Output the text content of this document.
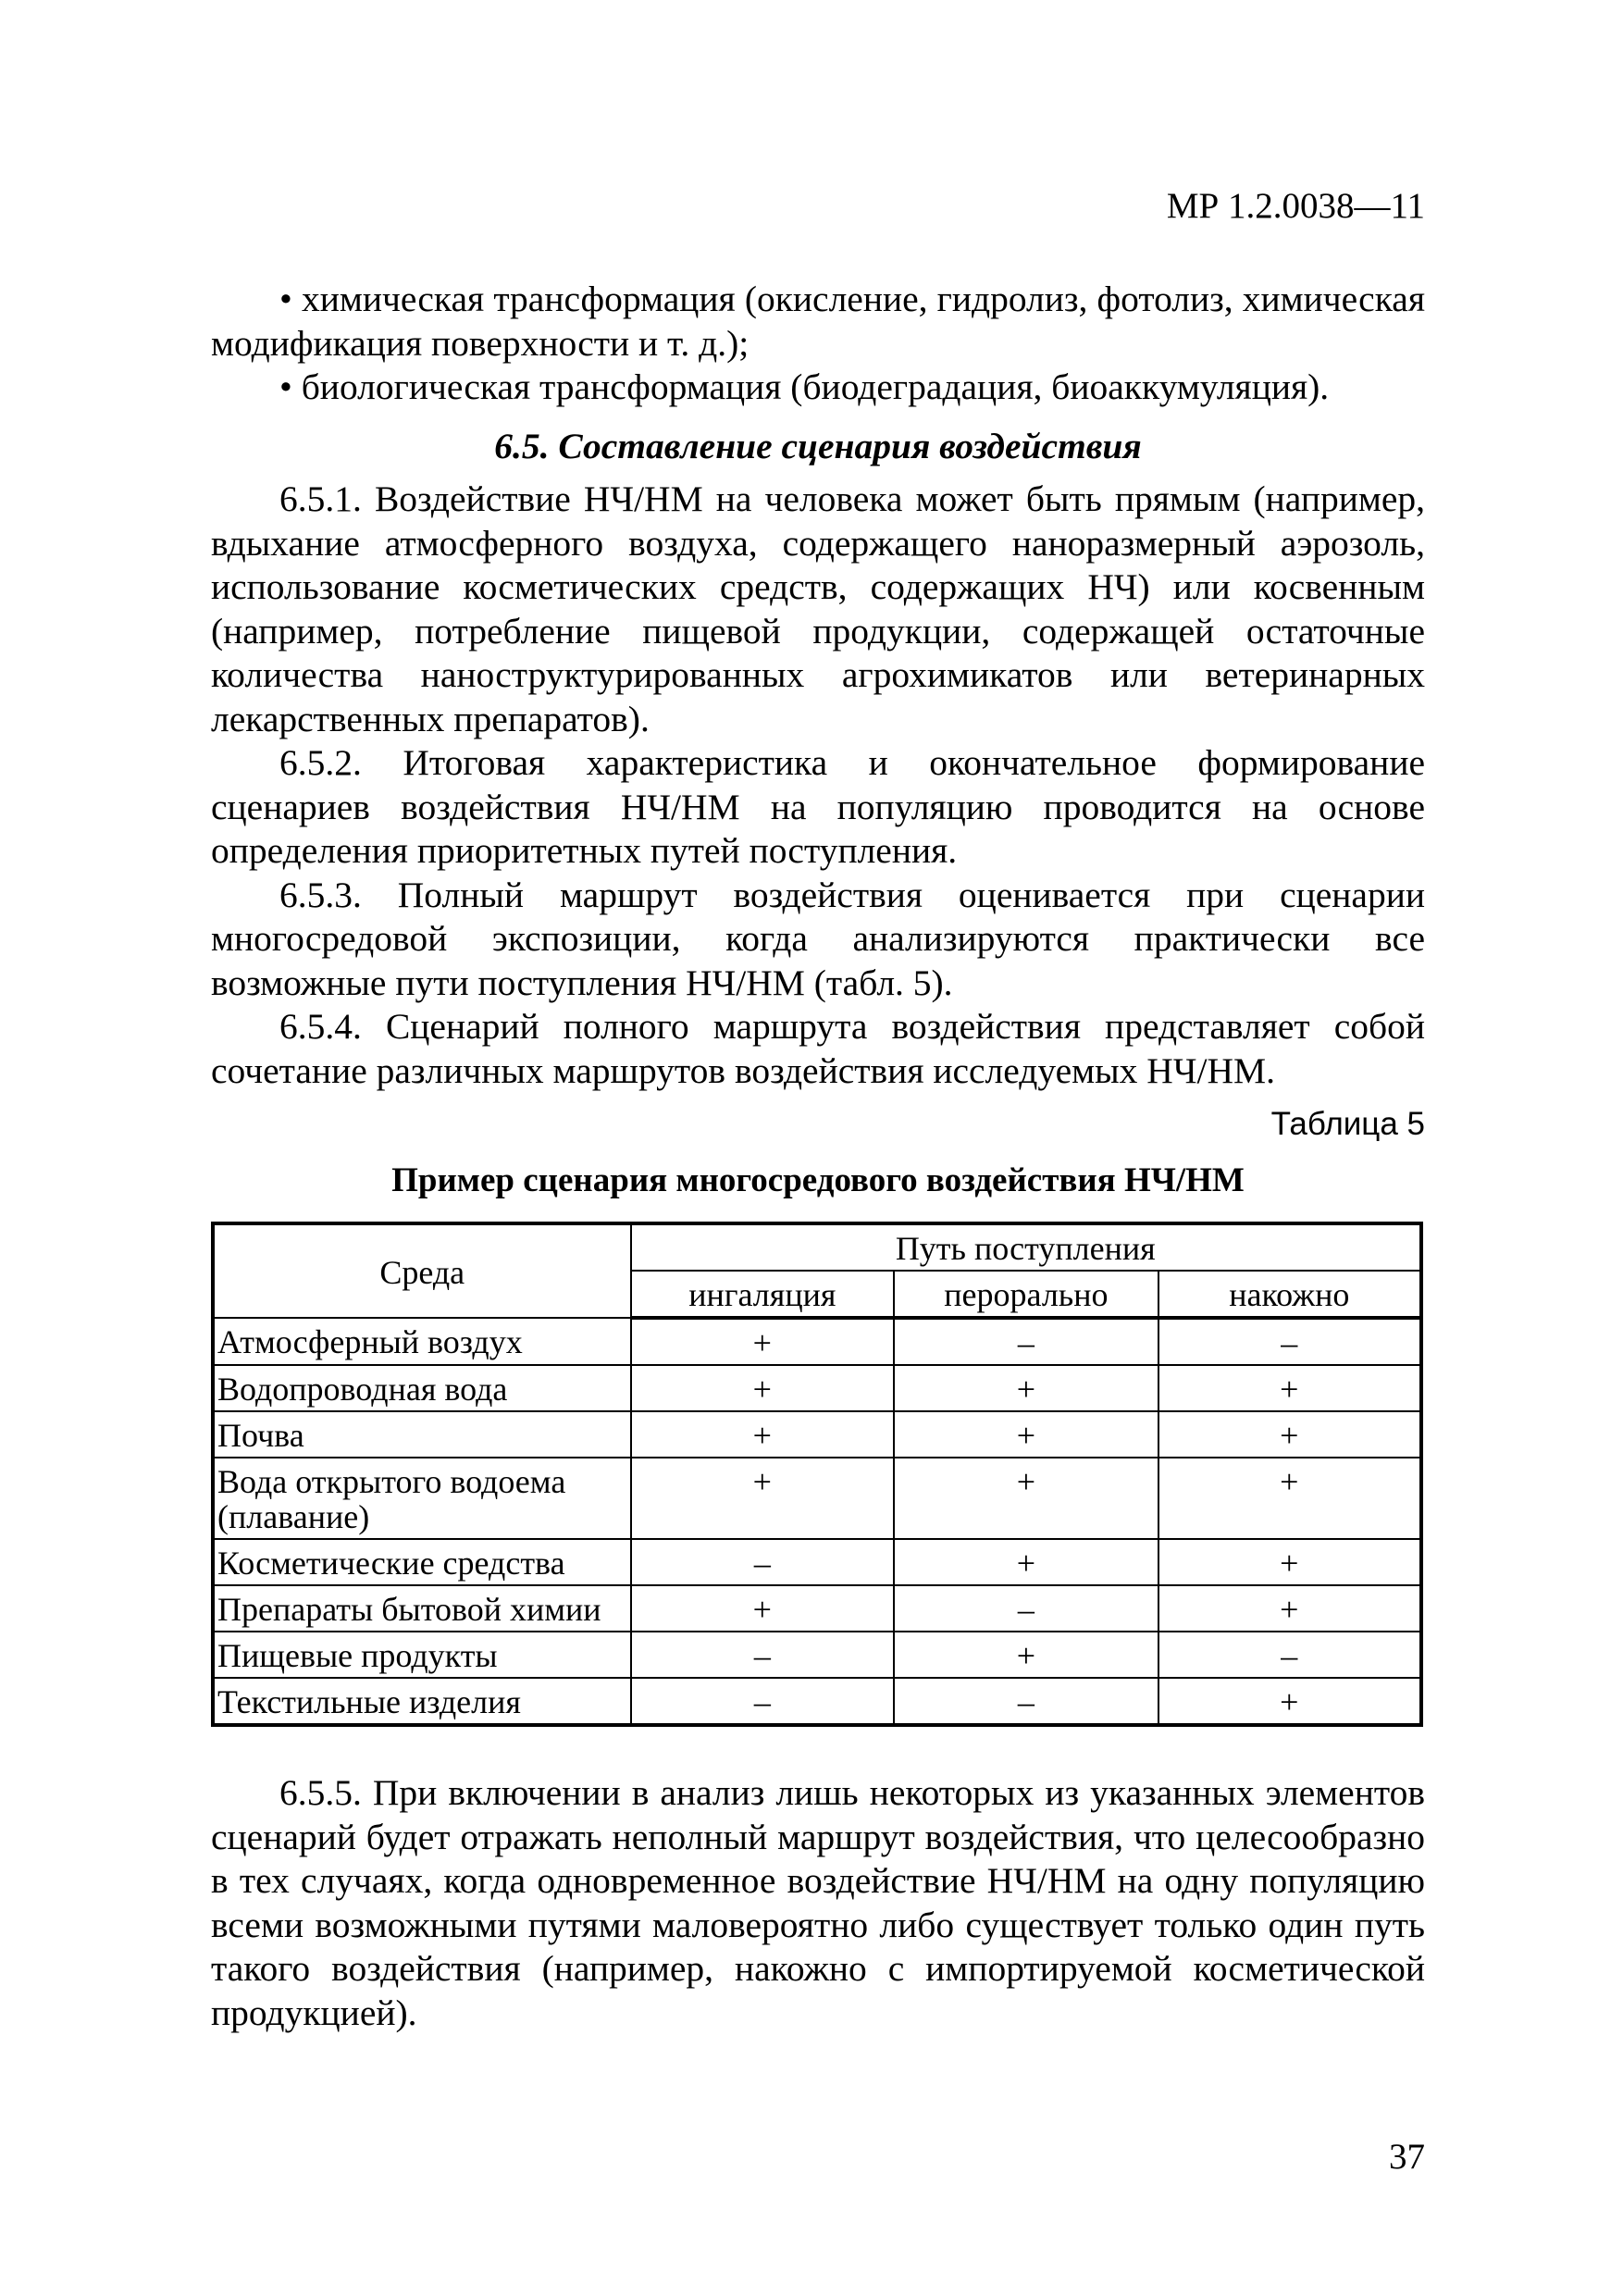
МР 1.2.0038—11

• химическая трансформация (окисление, гидролиз, фотолиз, химическая модификация поверхности и т. д.);

• биологическая трансформация (биодеградация, биоаккумуляция).

6.5. Составление сценария воздействия

6.5.1. Воздействие НЧ/НМ на человека может быть прямым (например, вдыхание атмосферного воздуха, содержащего наноразмерный аэрозоль, использование косметических средств, содержащих НЧ) или косвенным (например, потребление пищевой продукции, содержащей остаточные количества наноструктурированных агрохимикатов или ветеринарных лекарственных препаратов).

6.5.2. Итоговая характеристика и окончательное формирование сценариев воздействия НЧ/НМ на популяцию проводится на основе определения приоритетных путей поступления.

6.5.3. Полный маршрут воздействия оценивается при сценарии многосредовой экспозиции, когда анализируются практически все возможные пути поступления НЧ/НМ (табл. 5).

6.5.4. Сценарий полного маршрута воздействия представляет собой сочетание различных маршрутов воздействия исследуемых НЧ/НМ.

Таблица 5
Пример сценария многосредового воздействия НЧ/НМ
Среда	Путь поступления		
	ингаляция	перорально	накожно
Атмосферный воздух	+	–	–
Водопроводная вода	+	+	+
Почва	+	+	+
Вода открытого водоема (плавание)	+	+	+
Косметические средства	–	+	+
Препараты бытовой химии	+	–	+
Пищевые продукты	–	+	–
Текстильные изделия	–	–	+

6.5.5. При включении в анализ лишь некоторых из указанных элементов сценарий будет отражать неполный маршрут воздействия, что целесообразно в тех случаях, когда одновременное воздействие НЧ/НМ на одну популяцию всеми возможными путями маловероятно либо существует только один путь такого воздействия (например, накожно с импортируемой косметической продукцией).

37
